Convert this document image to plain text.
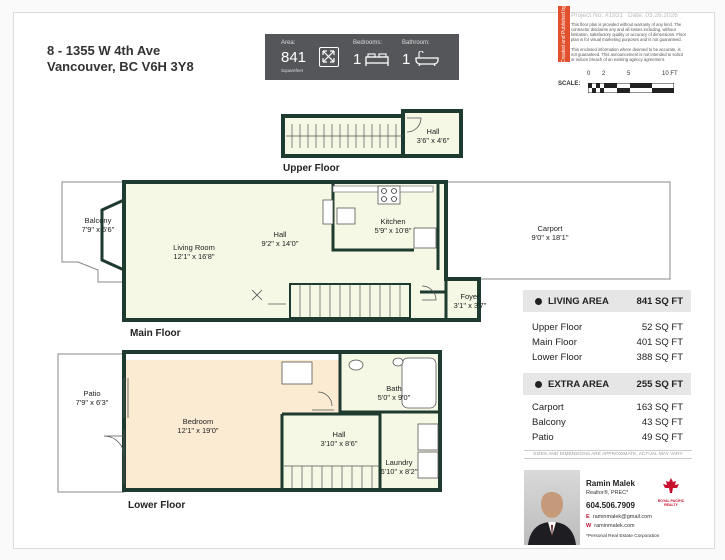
8 - 1355 W 4th Ave
Vancouver, BC V6H 3Y8
Area:
841
Squarefeet
Bedrooms:
1
Bathroom:
1	Created and Published by Project No: #1931 Date: 03.26.2026
This floor plan is provided without warranty of any kind. The contractor disclaims any and all losses including, without limitation, satisfactory quality or accuracy of dimensions. Floor plan is for visual marketing purposes and is not guaranteed.
This enclosed information where deemed to be accurate, is not guaranteed. This announcement is not intended to solicit or induce breach of an existing agency agreement.
SCALE:
0 2	5	10 FT
Hall
3'6" x 4'6"
Upper Floor
Balcony
7'9" x 5'6"
Living Room
12'1" x 16'8"
Hall
9'2" x 14'0"
Kitchen
5'9" x 10'8"	Carport
9'0" x 18'1"
Foyer
3'1" x 3'7"
Main Floor
Patio
7'9" x 6'3"
Bedroom
12'1" x 19'0"
Bath
5'0" x 9'0"
Hall
3'10" x 8'6"
Laundry
6'10" x 8'2"
Lower Floor
LIVING AREA	841 SQ FT
Upper Floor	52 SQ FT
Main Floor	401 SQ FT
Lower Floor	388 SQ FT
EXTRA AREA	255 SQ FT
Carport	163 SQ FT
Balcony	43 SQ FT
Patio	49 SQ FT
SIZES AND DIMENSIONS ARE APPROXIMATE, ACTUAL MAY VARY
Ramin Malek
Realtor®, PREC*
604.506.7909
E raminmalek@gmail.com
W raminmalek.com
*Personal Real Estate Corporation
ROYAL PACIFIC REALTY
